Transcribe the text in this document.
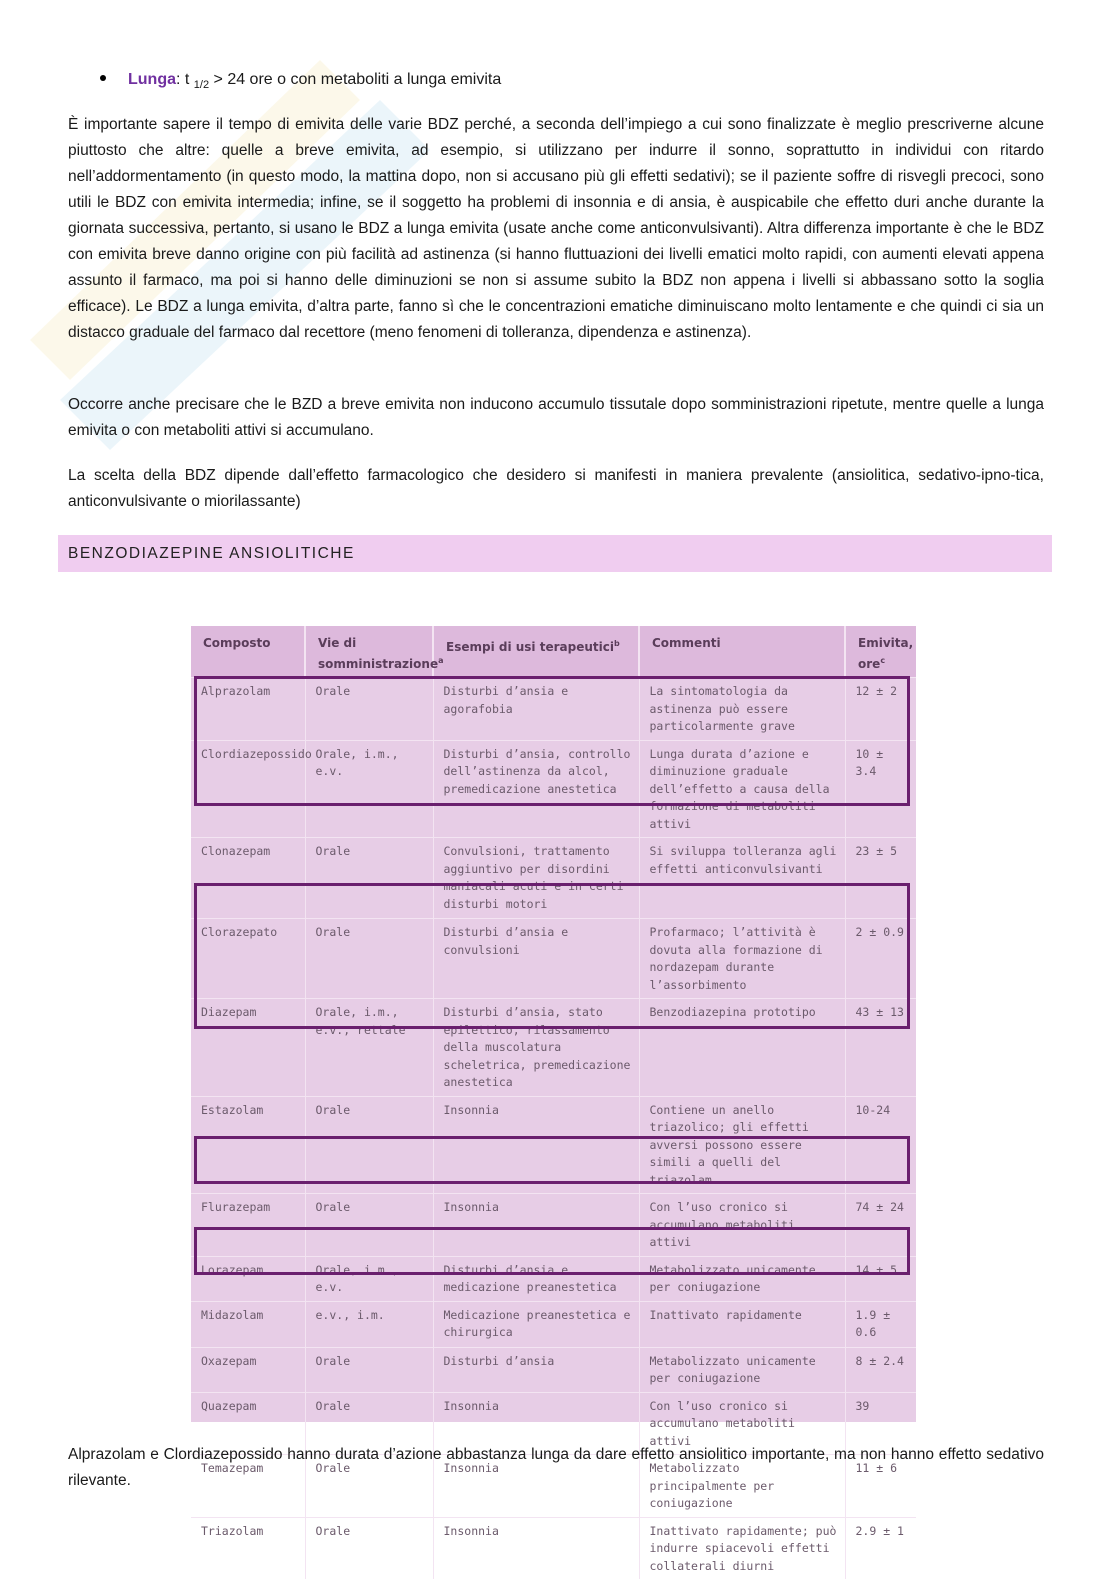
Lunga: t $_{1/2}$ > 24 ore o con metaboliti a lunga emivita

È importante sapere il tempo di emivita delle varie BDZ perché, a seconda dell’impiego a cui sono finalizzate è meglio prescriverne alcune piuttosto che altre: quelle a breve emivita, ad esempio, si utilizzano per indurre il sonno, soprattutto in individui con ritardo nell’addormentamento (in questo modo, la mattina dopo, non si accusano più gli effetti sedativi); se il paziente soffre di risvegli precoci, sono utili le BDZ con emivita intermedia; infine, se il soggetto ha problemi di insonnia e di ansia, è auspicabile che effetto duri anche durante la giornata successiva, pertanto, si usano le BDZ a lunga emivita (usate anche come anticonvulsivanti). Altra differenza importante è che le BDZ con emivita breve danno origine con più facilità ad astinenza (si hanno fluttuazioni dei livelli ematici molto rapidi, con aumenti elevati appena assunto il farmaco, ma poi si hanno delle diminuzioni se non si assume subito la BDZ non appena i livelli si abbassano sotto la soglia efficace). Le BDZ a lunga emivita, d’altra parte, fanno sì che le concentrazioni ematiche diminuiscano molto lentamente e che quindi ci sia un distacco graduale del farmaco dal recettore (meno fenomeni di tolleranza, dipendenza e astinenza).

Occorre anche precisare che le BZD a breve emivita non inducono accumulo tissutale dopo somministrazioni ripetute, mentre quelle a lunga emivita o con metaboliti attivi si accumulano.

La scelta della BDZ dipende dall’effetto farmacologico che desidero si manifesti in maniera prevalente (ansiolitica, sedativo-ipno-tica, anticonvulsivante o miorilassante)

BENZODIAZEPINE ANSIOLITICHE
Composto	Vie di somministrazione$^a$	Esempi di usi terapeutici$^b$	Commenti	Emivita, ore$^c$
Alprazolam	Orale	Disturbi d’ansia e agorafobia	La sintomatologia da astinenza può essere particolarmente grave	12 ± 2
Clordiazepossido	Orale, i.m., e.v.	Disturbi d’ansia, controllo dell’astinenza da alcol, premedicazione anestetica	Lunga durata d’azione e diminuzione graduale dell’effetto a causa della formazione di metaboliti attivi	10 ± 3.4
Clonazepam	Orale	Convulsioni, trattamento aggiuntivo per disordini maniacali acuti e in certi disturbi motori	Si sviluppa tolleranza agli effetti anticonvulsivanti	23 ± 5
Clorazepato	Orale	Disturbi d’ansia e convulsioni	Profarmaco; l’attività è dovuta alla formazione di nordazepam durante l’assorbimento	2 ± 0.9
Diazepam	Orale, i.m., e.v., rettale	Disturbi d’ansia, stato epilettico, rilassamento della muscolatura scheletrica, premedicazione anestetica	Benzodiazepina prototipo	43 ± 13
Estazolam	Orale	Insonnia	Contiene un anello triazolico; gli effetti avversi possono essere simili a quelli del triazolam	10-24
Flurazepam	Orale	Insonnia	Con l’uso cronico si accumulano metaboliti attivi	74 ± 24
Lorazepam	Orale, i.m., e.v.	Disturbi d’ansia e medicazione preanestetica	Metabolizzato unicamente per coniugazione	14 ± 5
Midazolam	e.v., i.m.	Medicazione preanestetica e chirurgica	Inattivato rapidamente	1.9 ± 0.6
Oxazepam	Orale	Disturbi d’ansia	Metabolizzato unicamente per coniugazione	8 ± 2.4
Quazepam	Orale	Insonnia	Con l’uso cronico si accumulano metaboliti attivi	39
Temazepam	Orale	Insonnia	Metabolizzato principalmente per coniugazione	11 ± 6
Triazolam	Orale	Insonnia	Inattivato rapidamente; può indurre spiacevoli effetti collaterali diurni	2.9 ± 1

Alprazolam e Clordiazepossido hanno durata d’azione abbastanza lunga da dare effetto ansiolitico importante, ma non hanno effetto sedativo rilevante.
